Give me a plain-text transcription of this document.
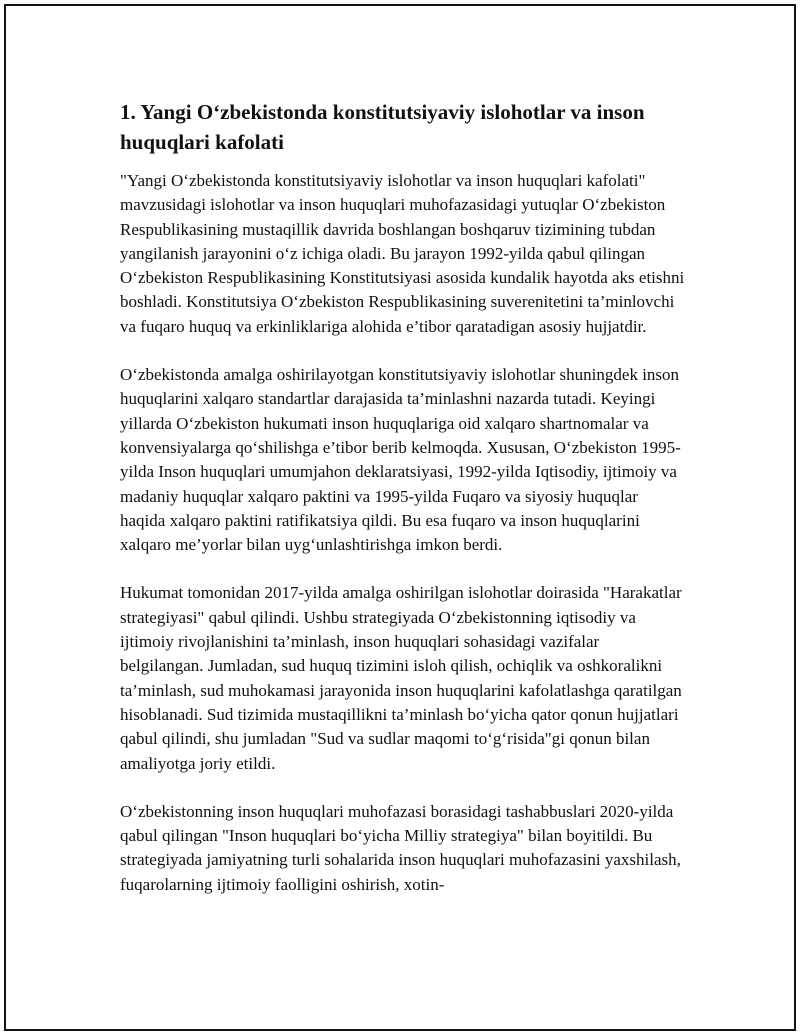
1. Yangi O‘zbekistonda konstitutsiyaviy islohotlar va inson huquqlari kafolati

"Yangi O‘zbekistonda konstitutsiyaviy islohotlar va inson huquqlari kafolati" mavzusidagi islohotlar va inson huquqlari muhofazasidagi yutuqlar O‘zbekiston Respublikasining mustaqillik davrida boshlangan boshqaruv tizimining tubdan yangilanish jarayonini o‘z ichiga oladi. Bu jarayon 1992-yilda qabul qilingan O‘zbekiston Respublikasining Konstitutsiyasi asosida kundalik hayotda aks etishni boshladi. Konstitutsiya O‘zbekiston Respublikasining suverenitetini ta’minlovchi va fuqaro huquq va erkinliklariga alohida e’tibor qaratadigan asosiy hujjatdir.

O‘zbekistonda amalga oshirilayotgan konstitutsiyaviy islohotlar shuningdek inson huquqlarini xalqaro standartlar darajasida ta’minlashni nazarda tutadi. Keyingi yillarda O‘zbekiston hukumati inson huquqlariga oid xalqaro shartnomalar va konvensiyalarga qo‘shilishga e’tibor berib kelmoqda. Xususan, O‘zbekiston 1995-yilda Inson huquqlari umumjahon deklaratsiyasi, 1992-yilda Iqtisodiy, ijtimoiy va madaniy huquqlar xalqaro paktini va 1995-yilda Fuqaro va siyosiy huquqlar haqida xalqaro paktini ratifikatsiya qildi. Bu esa fuqaro va inson huquqlarini xalqaro me’yorlar bilan uyg‘unlashtirishga imkon berdi.

Hukumat tomonidan 2017-yilda amalga oshirilgan islohotlar doirasida "Harakatlar strategiyasi" qabul qilindi. Ushbu strategiyada O‘zbekistonning iqtisodiy va ijtimoiy rivojlanishini ta’minlash, inson huquqlari sohasidagi vazifalar belgilangan. Jumladan, sud huquq tizimini isloh qilish, ochiqlik va oshkoralikni ta’minlash, sud muhokamasi jarayonida inson huquqlarini kafolatlashga qaratilgan hisoblanadi. Sud tizimida mustaqillikni ta’minlash bo‘yicha qator qonun hujjatlari qabul qilindi, shu jumladan "Sud va sudlar maqomi to‘g‘risida"gi qonun bilan amaliyotga joriy etildi.

O‘zbekistonning inson huquqlari muhofazasi borasidagi tashabbuslari 2020-yilda qabul qilingan "Inson huquqlari bo‘yicha Milliy strategiya" bilan boyitildi. Bu strategiyada jamiyatning turli sohalarida inson huquqlari muhofazasini yaxshilash, fuqarolarning ijtimoiy faolligini oshirish, xotin-
